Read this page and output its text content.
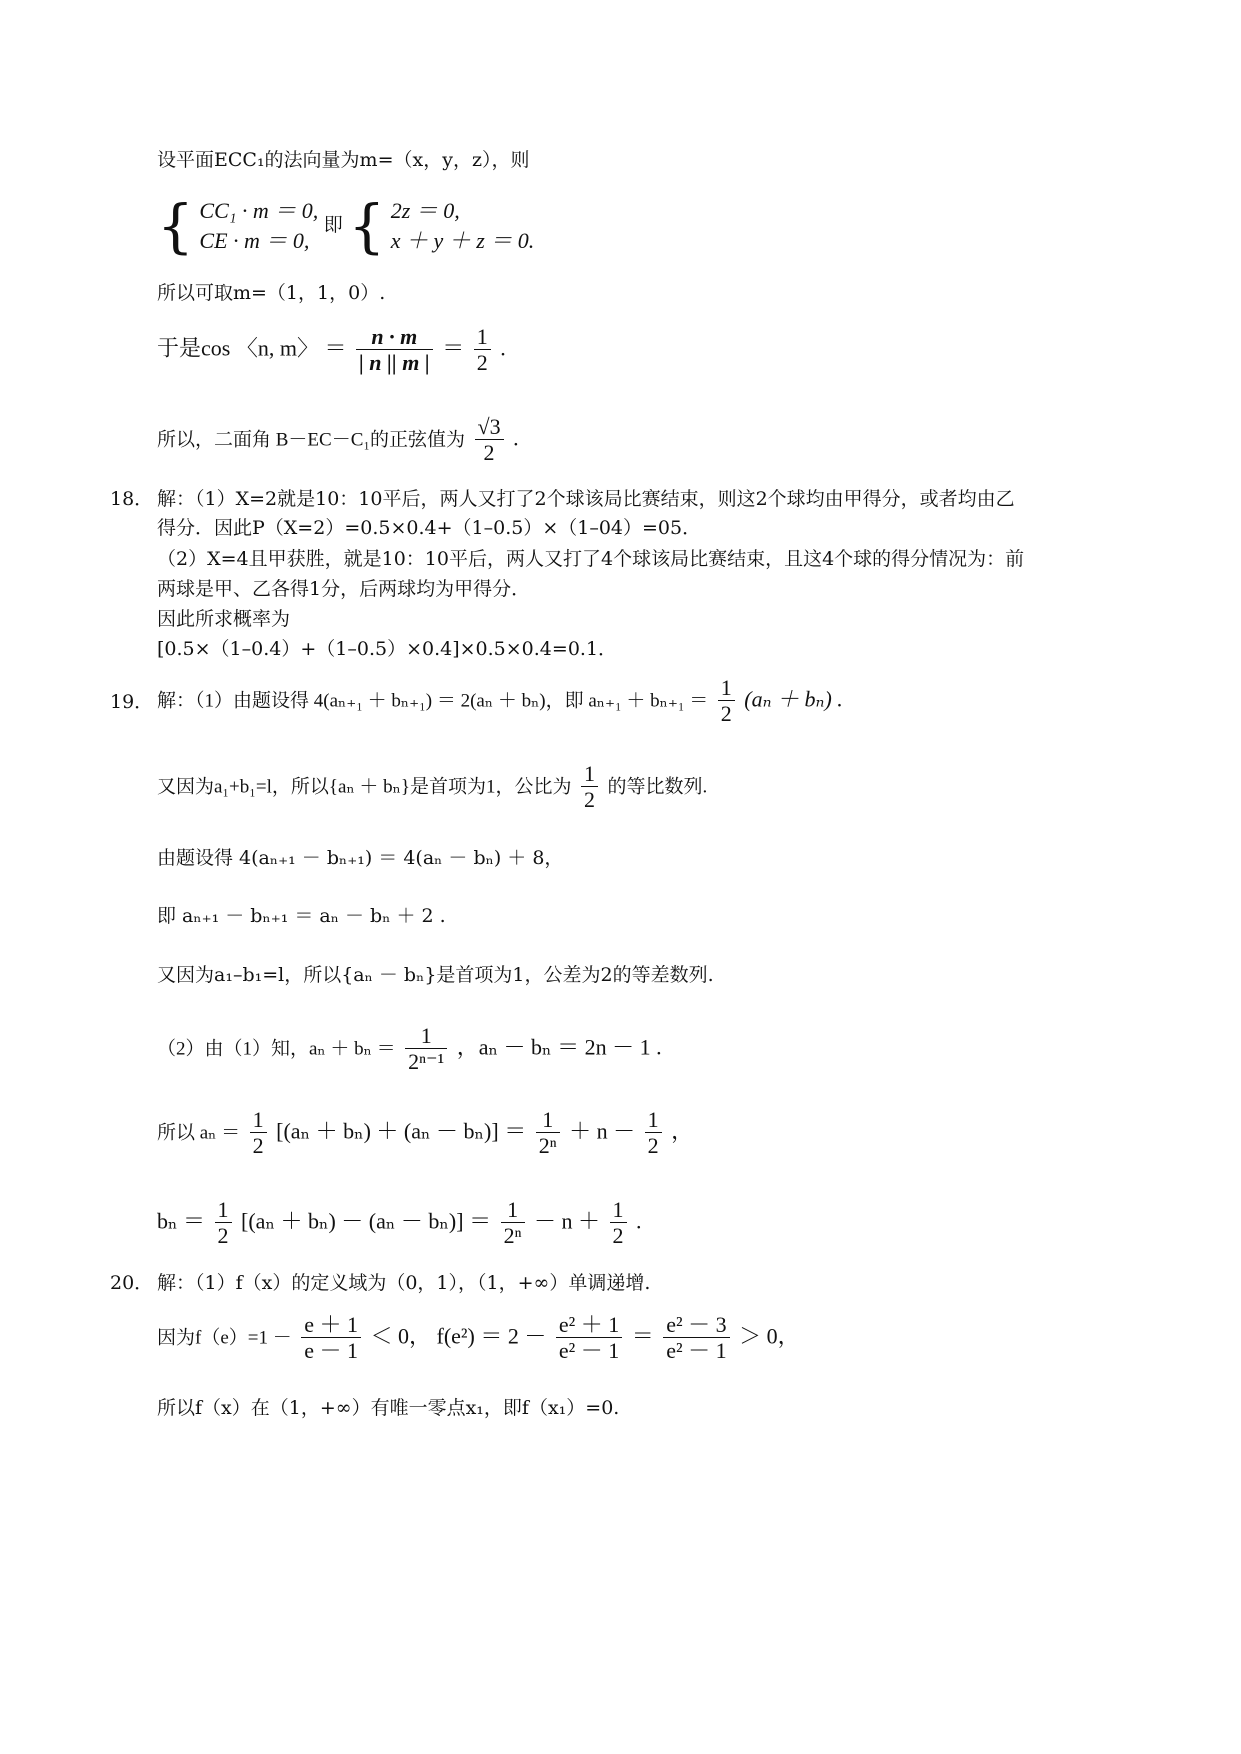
设平面ECC₁的法向量为m=（x，y，z），则
{ CC₁ · m ＝ 0,
CE · m ＝ 0,
即 { 2z ＝ 0,
x ＋ y ＋ z ＝ 0.
所以可取m=（1，1，0）.
于是cos 〈n, m〉 ＝ $\frac{n \cdot m}{| n || m |} = \frac{1}{2}$ .
所以，二面角 B－EC－C₁的正弦值为 $\frac{√3}{2}$ .
18． 解：（1）X=2就是10：10平后，两人又打了2个球该局比赛结束，则这2个球均由甲得分，或者均由乙
得分．因此P（X=2）=0.5×0.4+（1–0.5）×（1–04）=05．
（2）X=4且甲获胜，就是10：10平后，两人又打了4个球该局比赛结束，且这4个球的得分情况为：前
两球是甲、乙各得1分，后两球均为甲得分．
因此所求概率为
[0.5×（1–0.4）+（1–0.5）×0.4]×0.5×0.4=0.1．
19． 解：（1）由题设得 4(aₙ₊₁ ＋ bₙ₊₁) ＝ 2(aₙ ＋ bₙ)，即 $a_{n+1} + b_{n+1} = \frac{1}{2} (a_n + b_n)$ .
又因为a₁+b₁=l，所以{aₙ ＋ bₙ}是首项为1，公比为 $\frac{1}{2}$ 的等比数列.
由题设得 4(aₙ₊₁ － bₙ₊₁) ＝ 4(aₙ － bₙ) ＋ 8，
即 aₙ₊₁ － bₙ₊₁ ＝ aₙ － bₙ ＋ 2 .
又因为a₁–b₁=l，所以{aₙ － bₙ}是首项为1，公差为2的等差数列.
（2）由（1）知，$a_n + b_n = \frac{1}{\text{2ⁿ⁻¹}}$ ，aₙ － bₙ ＝ 2n － 1 .
所以 $a_n = \frac{1}{2} [(a_n + b_n) + (a_n - b_n)] = \frac{1}{\text{2ⁿ}} + n - \frac{1}{2}$ ，
$b_n = \frac{1}{2} [(a_n + b_n) - (a_n - b_n)] = \frac{1}{\text{2ⁿ}} - n + \frac{1}{2}$ .
20． 解：（1）f（x）的定义域为（0，1），（1，+∞）单调递增.
因为$f(e)=1 - \frac{e + 1}{e - 1} < 0$， $f(e^2) = 2 - \frac{\text{e² ＋ 1}}{\text{e² － 1}} = \frac{\text{e² － 3}}{\text{e² － 1}} > 0$，
所以f（x）在（1，+∞）有唯一零点x₁，即f（x₁）=0.
